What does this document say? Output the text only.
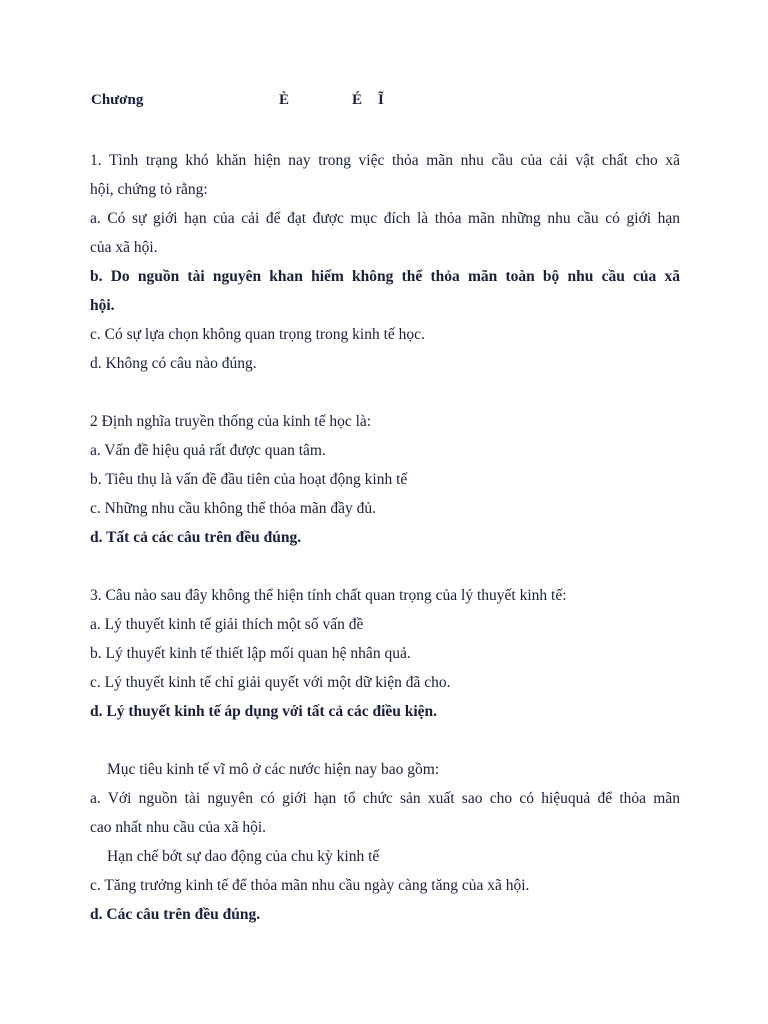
Chương	È	É Ĩ

1. Tình trạng khó khăn hiện nay trong việc thỏa mãn nhu cầu của cải vật chất cho xã

hội, chứng tỏ rằng:

a. Có sự giới hạn của cải để đạt được mục đích là thỏa mãn những nhu cầu có giới hạn

của xã hội.

b. Do nguồn tài nguyên khan hiếm không thể thỏa mãn toàn bộ nhu cầu của xã

hội.

c. Có sự lựa chọn không quan trọng trong kinh tế học.

d. Không có câu nào đúng.

2 Định nghĩa truyền thống của kinh tế học là:

a. Vấn đề hiệu quả rất được quan tâm.

b. Tiêu thụ là vấn đề đầu tiên của hoạt động kinh tế

c. Những nhu cầu không thể thỏa mãn đầy đủ.

d. Tất cả các câu trên đều đúng.

3. Câu nào sau đây không thể hiện tính chất quan trọng của lý thuyết kinh tế:

a. Lý thuyết kinh tế giải thích một số vấn đề

b. Lý thuyết kinh tế thiết lập mối quan hệ nhân quả.

c. Lý thuyết kinh tế chỉ giải quyết với một dữ kiện đã cho.

d. Lý thuyết kinh tế áp dụng với tất cả các điều kiện.

Mục tiêu kinh tế vĩ mô ở các nước hiện nay bao gồm:

a. Với nguồn tài nguyên có giới hạn tổ chức sản xuất sao cho có hiệuquả để thỏa mãn

cao nhất nhu cầu của xã hội.

Hạn chế bớt sự dao động của chu kỳ kinh tế

c. Tăng trưởng kinh tế để thỏa mãn nhu cầu ngày càng tăng của xã hội.

d. Các câu trên đều đúng.
